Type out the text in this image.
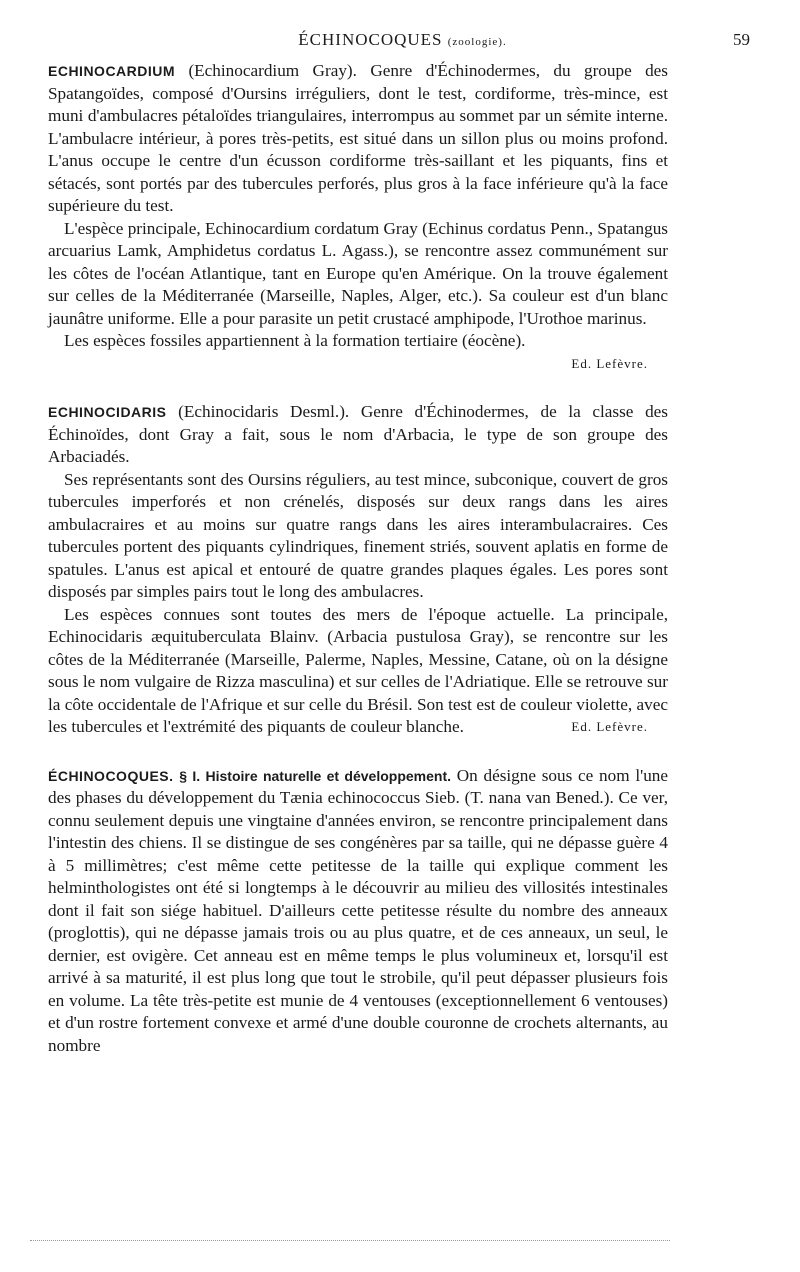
ÉCHINOCOQUES (zoologie).	59

ECHINOCARDIUM (Echinocardium Gray). Genre d'Échinodermes, du groupe des Spatangoïdes, composé d'Oursins irréguliers, dont le test, cordiforme, très-mince, est muni d'ambulacres pétaloïdes triangulaires, interrompus au sommet par un sémite interne. L'ambulacre intérieur, à pores très-petits, est situé dans un sillon plus ou moins profond. L'anus occupe le centre d'un écusson cordiforme très-saillant et les piquants, fins et sétacés, sont portés par des tubercules perforés, plus gros à la face inférieure qu'à la face supérieure du test.

L'espèce principale, Echinocardium cordatum Gray (Echinus cordatus Penn., Spatangus arcuarius Lamk, Amphidetus cordatus L. Agass.), se rencontre assez communément sur les côtes de l'océan Atlantique, tant en Europe qu'en Amérique. On la trouve également sur celles de la Méditerranée (Marseille, Naples, Alger, etc.). Sa couleur est d'un blanc jaunâtre uniforme. Elle a pour parasite un petit crustacé amphipode, l'Urothoe marinus.

Les espèces fossiles appartiennent à la formation tertiaire (éocène).

Ed. Lefèvre.

ECHINOCIDARIS (Echinocidaris Desml.). Genre d'Échinodermes, de la classe des Échinoïdes, dont Gray a fait, sous le nom d'Arbacia, le type de son groupe des Arbaciadés.

Ses représentants sont des Oursins réguliers, au test mince, subconique, couvert de gros tubercules imperforés et non crénelés, disposés sur deux rangs dans les aires ambulacraires et au moins sur quatre rangs dans les aires interambulacraires. Ces tubercules portent des piquants cylindriques, finement striés, souvent aplatis en forme de spatules. L'anus est apical et entouré de quatre grandes plaques égales. Les pores sont disposés par simples pairs tout le long des ambulacres.

Les espèces connues sont toutes des mers de l'époque actuelle. La principale, Echinocidaris æquituberculata Blainv. (Arbacia pustulosa Gray), se rencontre sur les côtes de la Méditerranée (Marseille, Palerme, Naples, Messine, Catane, où on la désigne sous le nom vulgaire de Rizza masculina) et sur celles de l'Adriatique. Elle se retrouve sur la côte occidentale de l'Afrique et sur celle du Brésil. Son test est de couleur violette, avec les tubercules et l'extrémité des piquants de couleur blanche.	Ed. Lefèvre.

ÉCHINOCOQUES. § I. Histoire naturelle et développement. On désigne sous ce nom l'une des phases du développement du Tænia echinococcus Sieb. (T. nana van Bened.). Ce ver, connu seulement depuis une vingtaine d'années environ, se rencontre principalement dans l'intestin des chiens. Il se distingue de ses congénères par sa taille, qui ne dépasse guère 4 à 5 millimètres; c'est même cette petitesse de la taille qui explique comment les helminthologistes ont été si longtemps à le découvrir au milieu des villosités intestinales dont il fait son siége habituel. D'ailleurs cette petitesse résulte du nombre des anneaux (proglottis), qui ne dépasse jamais trois ou au plus quatre, et de ces anneaux, un seul, le dernier, est ovigère. Cet anneau est en même temps le plus volumineux et, lorsqu'il est arrivé à sa maturité, il est plus long que tout le strobile, qu'il peut dépasser plusieurs fois en volume. La tête très-petite est munie de 4 ventouses (exceptionnellement 6 ventouses) et d'un rostre fortement convexe et armé d'une double couronne de crochets alternants, au nombre
